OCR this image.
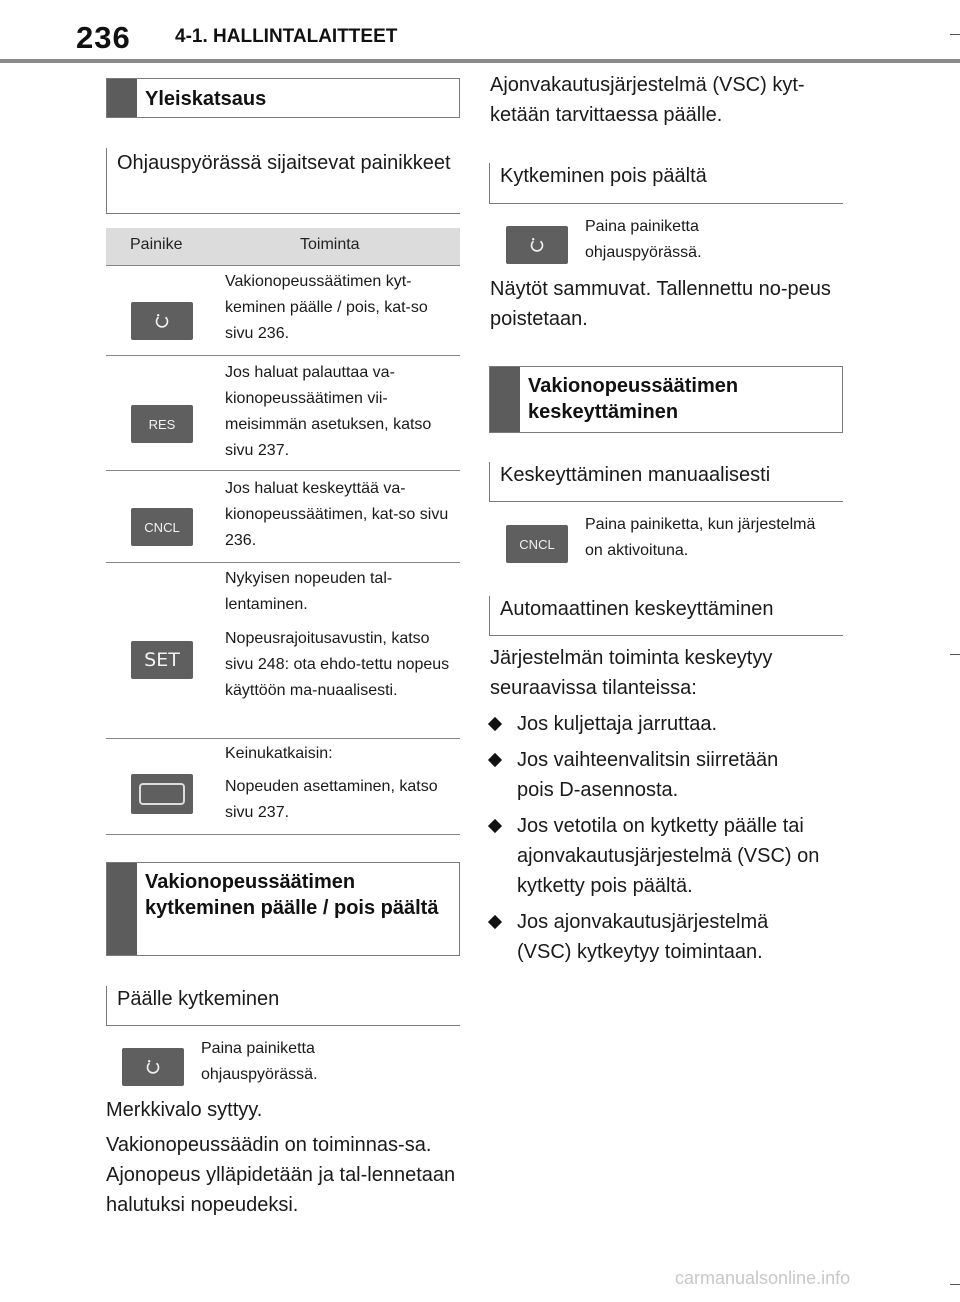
236 4-1. HALLINTALAITTEET
Yleiskatsaus
Ohjauspyörässä sijaitsevat painikkeet
Painike	Toiminta
Vakionopeussäätimen kyt-keminen päälle / pois, kat-so sivu 236.
RES
Jos haluat palauttaa va-kionopeussäätimen vii-meisimmän asetuksen, katso sivu 237.
CNCL
Jos haluat keskeyttää va-kionopeussäätimen, kat-so sivu 236.
SET
Nykyisen nopeuden tal-lentaminen.
Nopeusrajoitusavustin, katso sivu 248: ota ehdo-tettu nopeus käyttöön ma-nuaalisesti.
Keinukatkaisin:
Nopeuden asettaminen, katso sivu 237.
Vakionopeussäätimen kytkeminen päälle / pois päältä
Päälle kytkeminen
Paina painiketta ohjauspyörässä.
Merkkivalo syttyy.
Vakionopeussäädin on toiminnas-sa. Ajonopeus ylläpidetään ja tal-lennetaan halutuksi nopeudeksi.
Ajonvakautusjärjestelmä (VSC) kyt-ketään tarvittaessa päälle.
Kytkeminen pois päältä
Paina painiketta ohjauspyörässä.
Näytöt sammuvat. Tallennettu no-peus poistetaan.
Vakionopeussäätimen keskeyttäminen
Keskeyttäminen manuaalisesti
CNCL
Paina painiketta, kun järjestelmä on aktivoituna.
Automaattinen keskeyttäminen
Järjestelmän toiminta keskeytyy seuraavissa tilanteissa:
Jos kuljettaja jarruttaa.
Jos vaihteenvalitsin siirretään pois D-asennosta.
Jos vetotila on kytketty päälle tai ajonvakautusjärjestelmä (VSC) on kytketty pois päältä.
Jos ajonvakautusjärjestelmä (VSC) kytkeytyy toimintaan.
carmanualsonline.info
